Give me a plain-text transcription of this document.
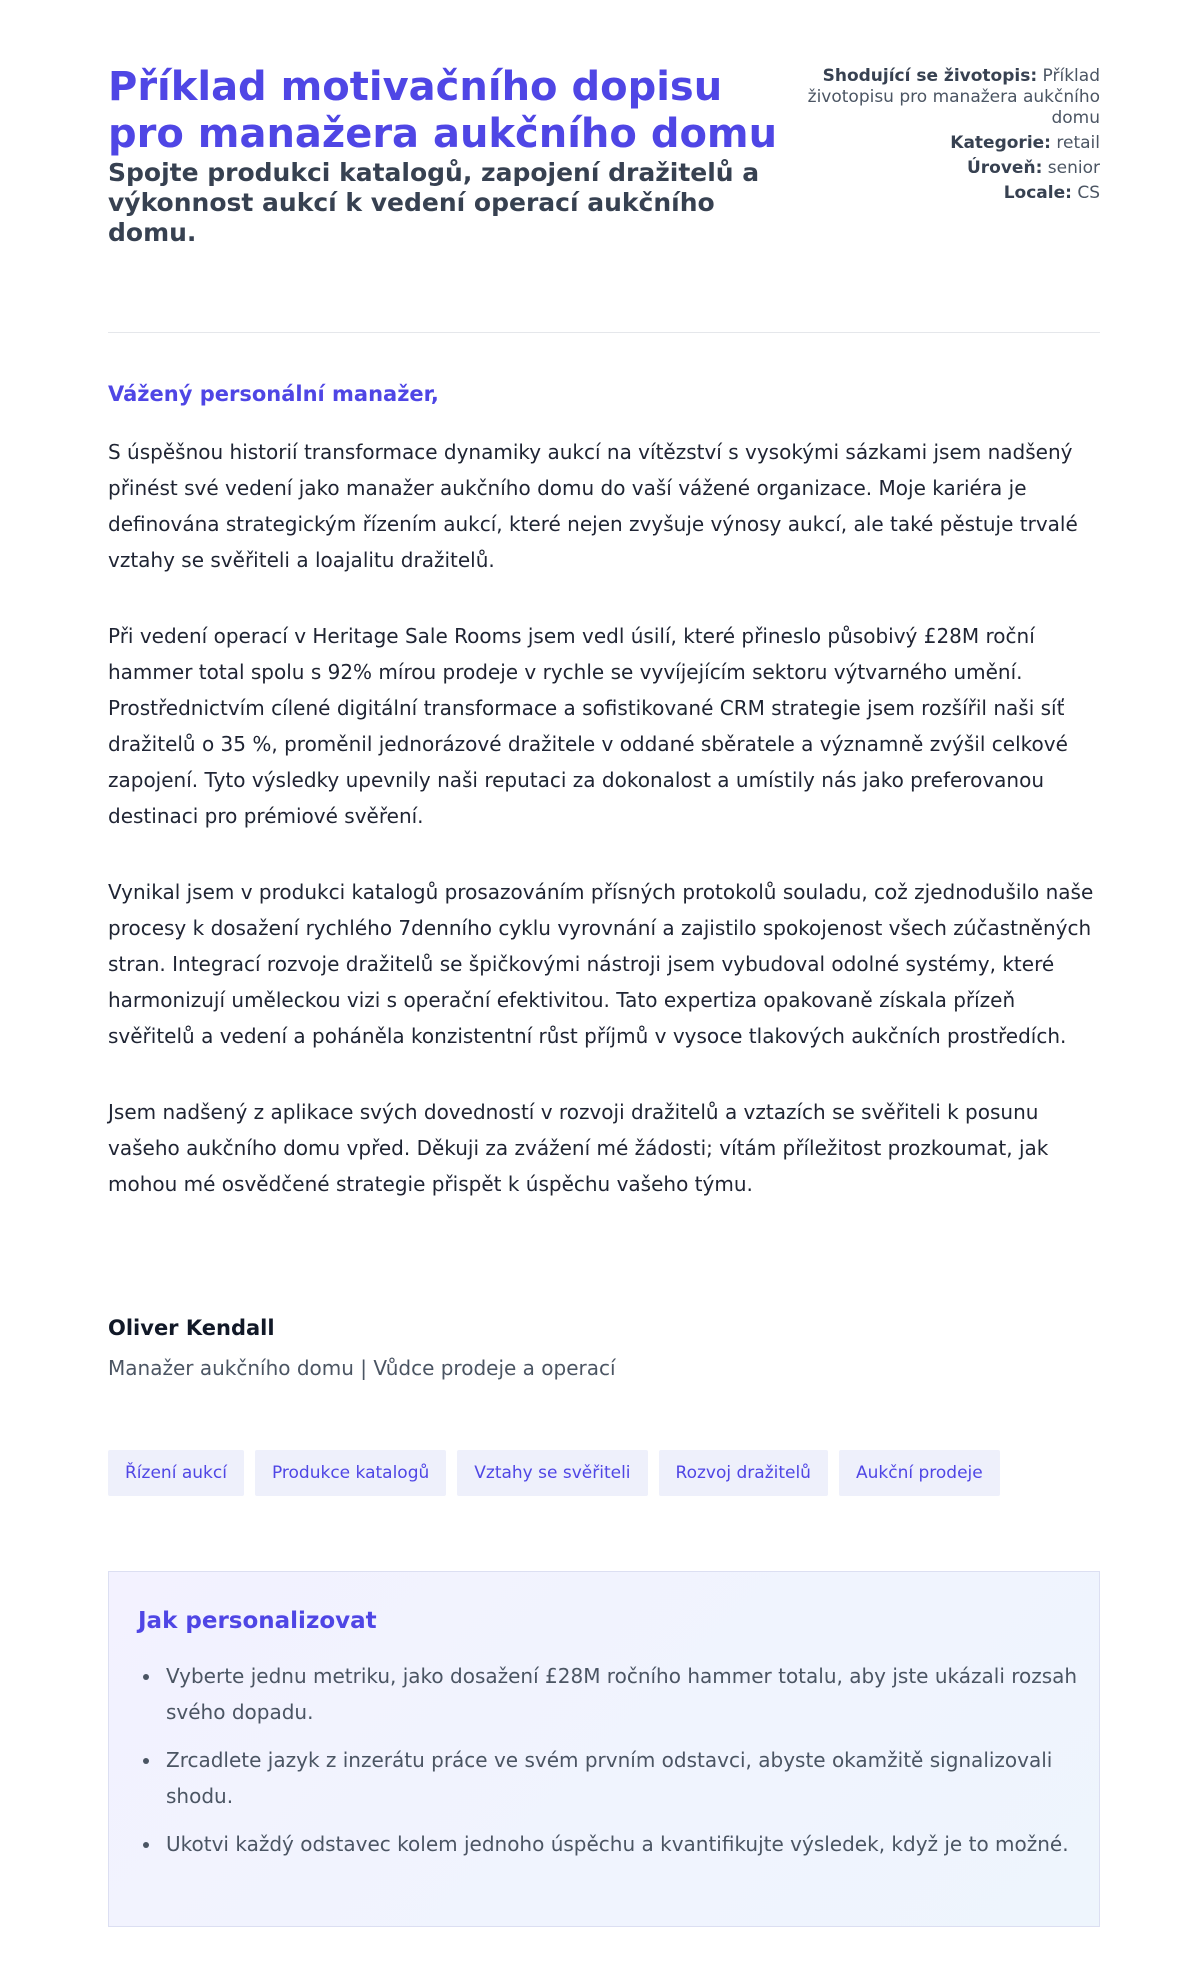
Příklad motivačního dopisu pro manažera aukčního domu
Spojte produkci katalogů, zapojení dražitelů a výkonnost aukcí k vedení operací aukčního domu.

Shodující se životopis: Příklad životopisu pro manažera aukčního domu

Kategorie: retail

Úroveň: senior

Locale: CS

Vážený personální manažer,

S úspěšnou historií transformace dynamiky aukcí na vítězství s vysokými sázkami jsem nadšený přinést své vedení jako manažer aukčního domu do vaší vážené organizace. Moje kariéra je definována strategickým řízením aukcí, které nejen zvyšuje výnosy aukcí, ale také pěstuje trvalé vztahy se svěřiteli a loajalitu dražitelů.

Při vedení operací v Heritage Sale Rooms jsem vedl úsilí, které přineslo působivý £28M roční hammer total spolu s 92% mírou prodeje v rychle se vyvíjejícím sektoru výtvarného umění. Prostřednictvím cílené digitální transformace a sofistikované CRM strategie jsem rozšířil naši síť dražitelů o 35 %, proměnil jednorázové dražitele v oddané sběratele a významně zvýšil celkové zapojení. Tyto výsledky upevnily naši reputaci za dokonalost a umístily nás jako preferovanou destinaci pro prémiové svěření.

Vynikal jsem v produkci katalogů prosazováním přísných protokolů souladu, což zjednodušilo naše procesy k dosažení rychlého 7denního cyklu vyrovnání a zajistilo spokojenost všech zúčastněných stran. Integrací rozvoje dražitelů se špičkovými nástroji jsem vybudoval odolné systémy, které harmonizují uměleckou vizi s operační efektivitou. Tato expertiza opakovaně získala přízeň svěřitelů a vedení a poháněla konzistentní růst příjmů v vysoce tlakových aukčních prostředích.

Jsem nadšený z aplikace svých dovedností v rozvoji dražitelů a vztazích se svěřiteli k posunu vašeho aukčního domu vpřed. Děkuji za zvážení mé žádosti; vítám příležitost prozkoumat, jak mohou mé osvědčené strategie přispět k úspěchu vašeho týmu.

Oliver Kendall

Manažer aukčního domu | Vůdce prodeje a operací

Řízení aukcí	Produkce katalogů	Vztahy se svěřiteli	Rozvoj dražitelů	Aukční prodeje
Jak personalizovat
• Vyberte jednu metriku, jako dosažení £28M ročního hammer totalu, aby jste ukázali rozsah svého dopadu.
• Zrcadlete jazyk z inzerátu práce ve svém prvním odstavci, abyste okamžitě signalizovali shodu.
• Ukotvi každý odstavec kolem jednoho úspěchu a kvantifikujte výsledek, když je to možné.
